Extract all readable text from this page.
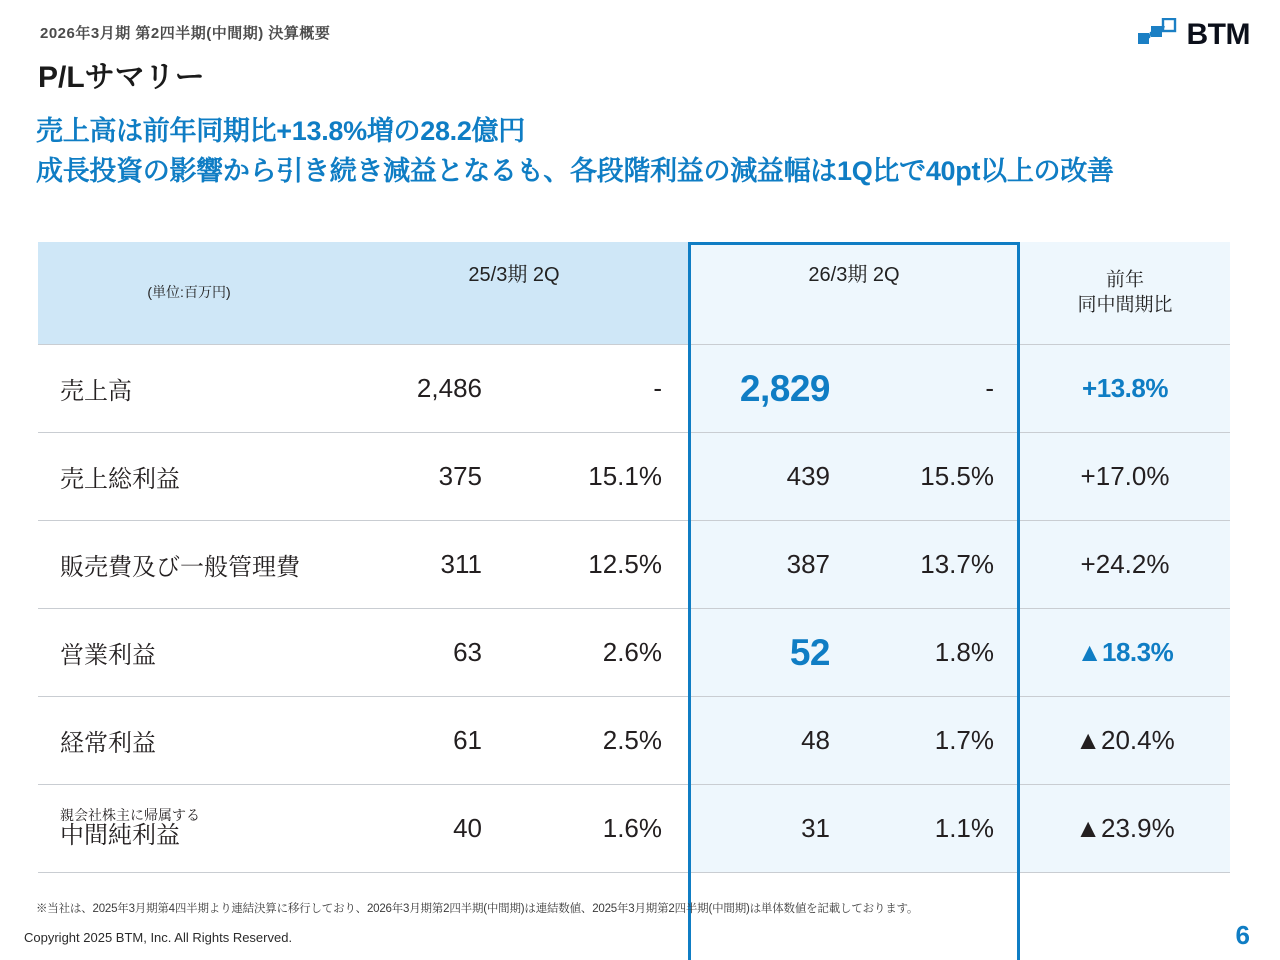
2026年3月期 第2四半期(中間期) 決算概要	BTM
P/Lサマリー
売上高は前年同期比+13.8%増の28.2億円
成長投資の影響から引き続き減益となるも、各段階利益の減益幅は1Q比で40pt以上の改善
(単位:百万円)	25/3期 2Q		26/3期 2Q		前年
同中間期比

売上高	2,486	-	2,829	-	+13.8%
売上総利益	375	15.1%	439	15.5%	+17.0%
販売費及び一般管理費	311	12.5%	387	13.7%	+24.2%
営業利益	63	2.6%	52	1.8%	▲18.3%
経常利益	61	2.5%	48	1.7%	▲20.4%

親会社株主に帰属する
中間純利益	40	1.6%	31	1.1%	▲23.9%
※当社は、2025年3月期第4四半期より連結決算に移行しており、2026年3月期第2四半期(中間期)は連結数値、2025年3月期第2四半期(中間期)は単体数値を記載しております。
Copyright 2025 BTM, Inc. All Rights Reserved.	6
